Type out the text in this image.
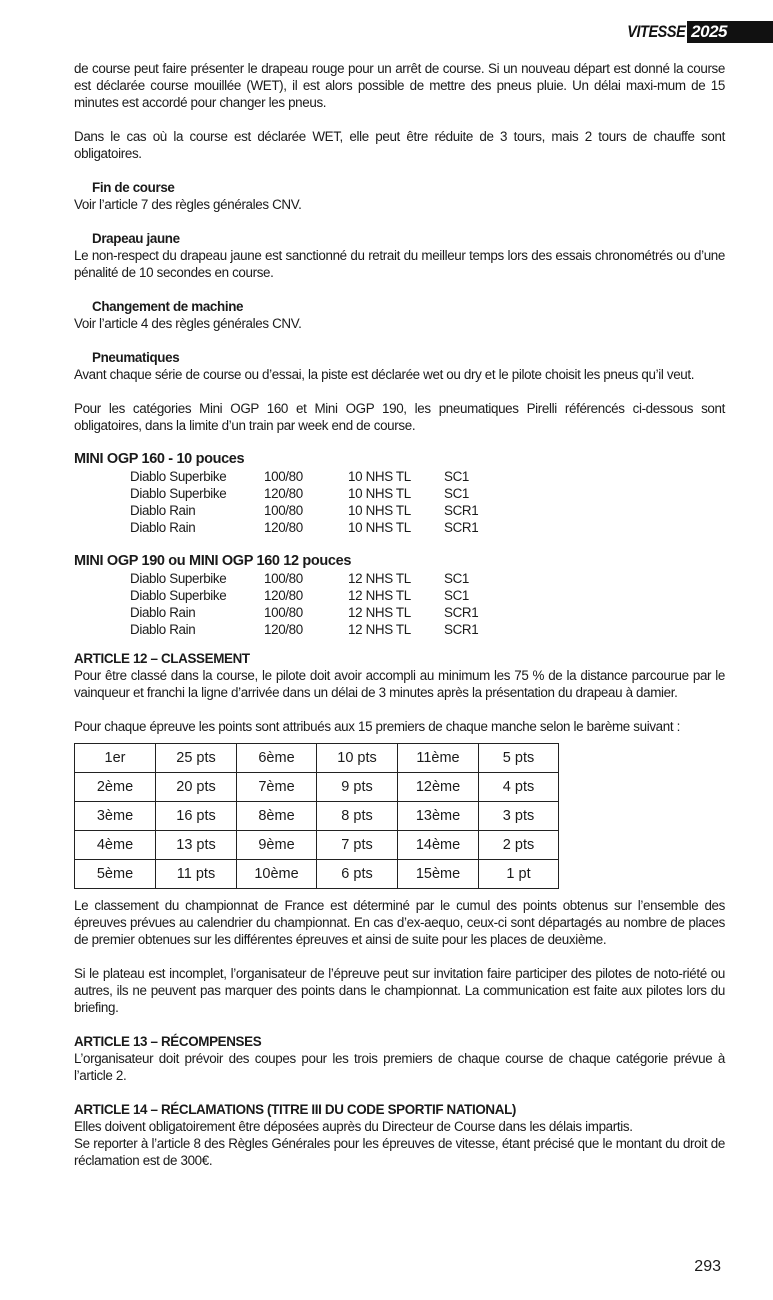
VITESSE 2025

de course peut faire présenter le drapeau rouge pour un arrêt de course. Si un nouveau départ est donné la course est déclarée course mouillée (WET), il est alors possible de mettre des pneus pluie. Un délai maxi-mum de 15 minutes est accordé pour changer les pneus.

Dans le cas où la course est déclarée WET, elle peut être réduite de 3 tours, mais 2 tours de chauffe sont obligatoires.

Fin de course

Voir l’article 7 des règles générales CNV.

Drapeau jaune

Le non-respect du drapeau jaune est sanctionné du retrait du meilleur temps lors des essais chronométrés ou d’une pénalité de 10 secondes en course.

Changement de machine

Voir l’article 4 des règles générales CNV.

Pneumatiques

Avant chaque série de course ou d’essai, la piste est déclarée wet ou dry et le pilote choisit les pneus qu’il veut.

Pour les catégories Mini OGP 160 et Mini OGP 190, les pneumatiques Pirelli référencés ci-dessous sont obligatoires, dans la limite d’un train par week end de course.

MINI OGP 160 - 10 pouces

Diablo Superbike	100/80	10 NHS TL	SC1
Diablo Superbike	120/80	10 NHS TL	SC1
Diablo Rain	100/80	10 NHS TL	SCR1
Diablo Rain	120/80	10 NHS TL	SCR1

MINI OGP 190 ou MINI OGP 160 12 pouces

Diablo Superbike	100/80	12 NHS TL	SC1
Diablo Superbike	120/80	12 NHS TL	SC1
Diablo Rain	100/80	12 NHS TL	SCR1
Diablo Rain	120/80	12 NHS TL	SCR1

ARTICLE 12 – CLASSEMENT

Pour être classé dans la course, le pilote doit avoir accompli au minimum les 75 % de la distance parcourue par le vainqueur et franchi la ligne d’arrivée dans un délai de 3 minutes après la présentation du drapeau à damier.

Pour chaque épreuve les points sont attribués aux 15 premiers de chaque manche selon le barème suivant :

1er	25 pts	6ème	10 pts	11ème	5 pts
2ème	20 pts	7ème	9 pts	12ème	4 pts
3ème	16 pts	8ème	8 pts	13ème	3 pts
4ème	13 pts	9ème	7 pts	14ème	2 pts
5ème	11 pts	10ème	6 pts	15ème	1 pt

Le classement du championnat de France est déterminé par le cumul des points obtenus sur l’ensemble des épreuves prévues au calendrier du championnat. En cas d’ex-aequo, ceux-ci sont départagés au nombre de places de premier obtenues sur les différentes épreuves et ainsi de suite pour les places de deuxième.

Si le plateau est incomplet, l’organisateur de l’épreuve peut sur invitation faire participer des pilotes de noto-riété ou autres, ils ne peuvent pas marquer des points dans le championnat. La communication est faite aux pilotes lors du briefing.

ARTICLE 13 – RÉCOMPENSES

L’organisateur doit prévoir des coupes pour les trois premiers de chaque course de chaque catégorie prévue à l’article 2.

ARTICLE 14 – RÉCLAMATIONS (TITRE III DU CODE SPORTIF NATIONAL)

Elles doivent obligatoirement être déposées auprès du Directeur de Course dans les délais impartis.

Se reporter à l’article 8 des Règles Générales pour les épreuves de vitesse, étant précisé que le montant du droit de réclamation est de 300€.

293
